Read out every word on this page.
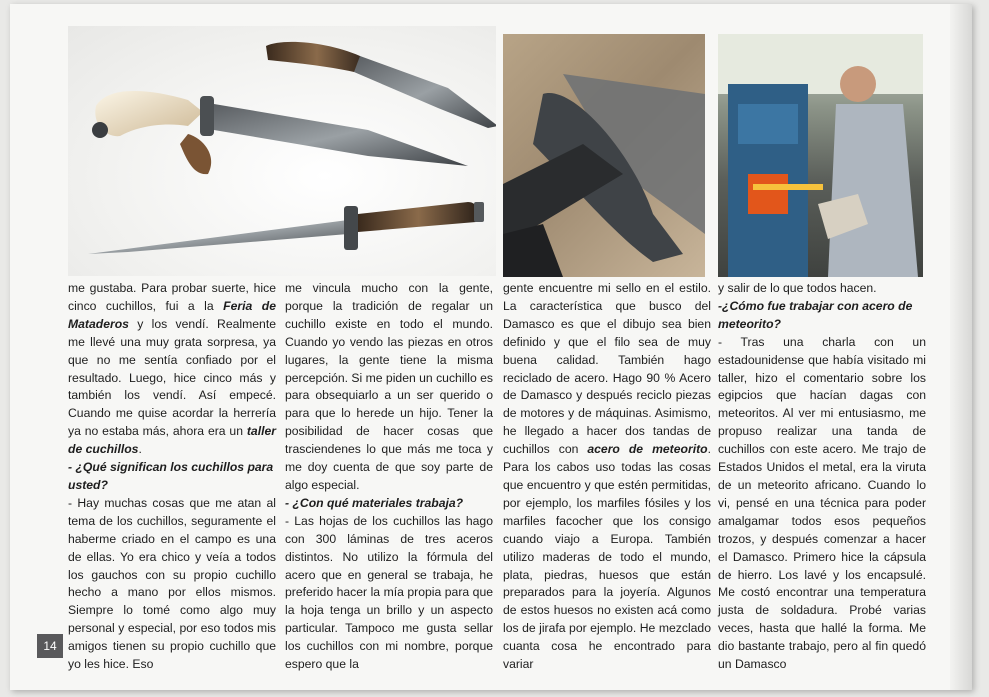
me gustaba. Para probar suerte, hice cinco cuchillos, fui a la Feria de Mataderos y los vendí. Realmente me llevé una muy grata sorpresa, ya que no me sentía confiado por el resultado. Luego, hice cinco más y también los vendí. Así empecé. Cuando me quise acordar la herrería ya no estaba más, ahora era un taller de cuchillos.

- ¿Qué significan los cuchillos para usted?

- Hay muchas cosas que me atan al tema de los cuchillos, seguramente el haberme criado en el campo es una de ellas. Yo era chico y veía a todos los gauchos con su propio cuchillo hecho a mano por ellos mismos. Siempre lo tomé como algo muy personal y especial, por eso todos mis amigos tienen su propio cuchillo que yo les hice. Eso

me vincula mucho con la gente, porque la tradición de regalar un cuchillo existe en todo el mundo. Cuando yo vendo las piezas en otros lugares, la gente tiene la misma percepción. Si me piden un cuchillo es para obsequiarlo a un ser querido o para que lo herede un hijo. Tener la posibilidad de hacer cosas que trasciendenes lo que más me toca y me doy cuenta de que soy parte de algo especial.

- ¿Con qué materiales trabaja?

- Las hojas de los cuchillos las hago con 300 láminas de tres aceros distintos. No utilizo la fórmula del acero que en general se trabaja, he preferido hacer la mía propia para que la hoja tenga un brillo y un aspecto particular. Tampoco me gusta sellar los cuchillos con mi nombre, porque espero que la

gente encuentre mi sello en el estilo. La característica que busco del Damasco es que el dibujo sea bien definido y que el filo sea de muy buena calidad. También hago reciclado de acero. Hago 90 % Acero de Damasco y después reciclo piezas de motores y de máquinas. Asimismo, he llegado a hacer dos tandas de cuchillos con acero de meteorito. Para los cabos uso todas las cosas que encuentro y que estén permitidas, por ejemplo, los marfiles fósiles y los marfiles facocher que los consigo cuando viajo a Europa. También utilizo maderas de todo el mundo, plata, piedras, huesos que están preparados para la joyería. Algunos de estos huesos no existen acá como los de jirafa por ejemplo. He mezclado cuanta cosa he encontrado para variar

y salir de lo que todos hacen.

-¿Cómo fue trabajar con acero de meteorito?

- Tras una charla con un estadounidense que había visitado mi taller, hizo el comentario sobre los egipcios que hacían dagas con meteoritos. Al ver mi entusiasmo, me propuso realizar una tanda de cuchillos con este acero. Me trajo de Estados Unidos el metal, era la viruta de un meteorito africano. Cuando lo vi, pensé en una técnica para poder amalgamar todos esos pequeños trozos, y después comenzar a hacer el Damasco. Primero hice la cápsula de hierro. Los lavé y los encapsulé. Me costó encontrar una temperatura justa de soldadura. Probé varias veces, hasta que hallé la forma. Me dio bastante trabajo, pero al fin quedó un Damasco

14
